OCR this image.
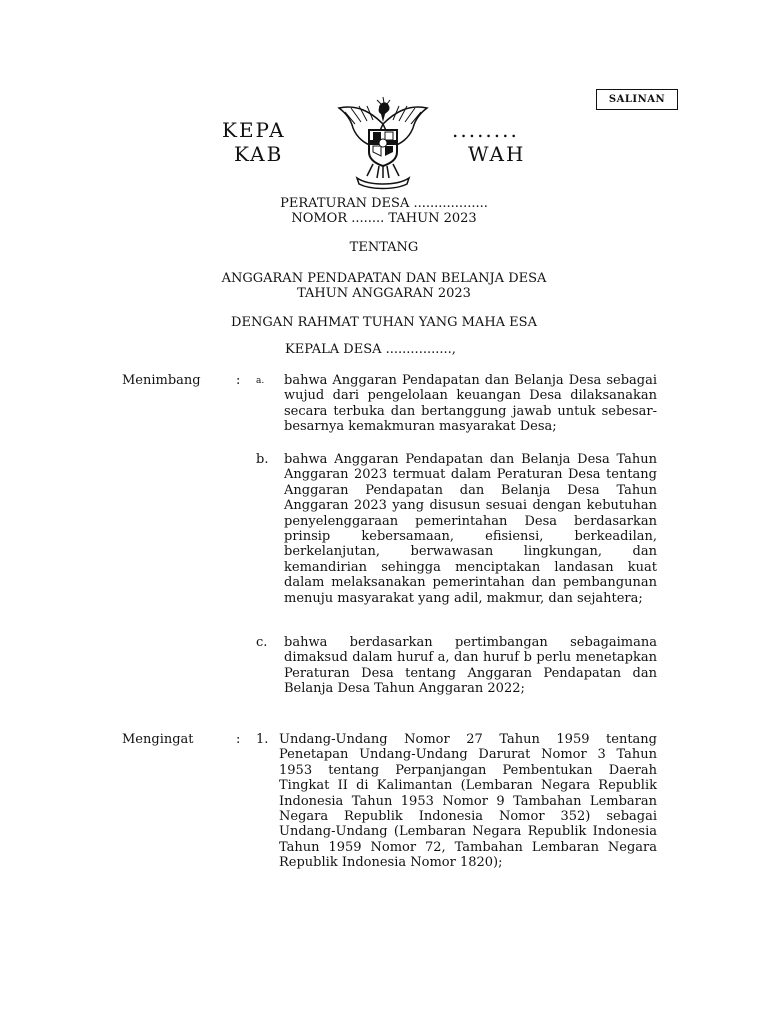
SALINAN
KEPA	........
KAB	WAH
PERATURAN DESA ..................
NOMOR ........ TAHUN 2023
TENTANG
ANGGARAN PENDAPATAN DAN BELANJA DESA
TAHUN ANGGARAN 2023
DENGAN RAHMAT TUHAN YANG MAHA ESA
KEPALA DESA ................,
Menimbang	: a. bahwa Anggaran Pendapatan dan Belanja Desa sebagai wujud dari pengelolaan keuangan Desa dilaksanakan secara terbuka dan bertanggung jawab untuk sebesar-besarnya kemakmuran masyarakat Desa;
b. bahwa Anggaran Pendapatan dan Belanja Desa Tahun Anggaran 2023 termuat dalam Peraturan Desa tentang Anggaran Pendapatan dan Belanja Desa Tahun Anggaran 2023 yang disusun sesuai dengan kebutuhan penyelenggaraan pemerintahan Desa berdasarkan prinsip kebersamaan, efisiensi, berkeadilan, berkelanjutan, berwawasan lingkungan, dan kemandirian sehingga menciptakan landasan kuat dalam melaksanakan pemerintahan dan pembangunan menuju masyarakat yang adil, makmur, dan sejahtera;
c. bahwa berdasarkan pertimbangan sebagaimana dimaksud dalam huruf a, dan huruf b perlu menetapkan Peraturan Desa tentang Anggaran Pendapatan dan Belanja Desa Tahun Anggaran 2022;
Mengingat	: 1. Undang-Undang Nomor 27 Tahun 1959 tentang Penetapan Undang-Undang Darurat Nomor 3 Tahun 1953 tentang Perpanjangan Pembentukan Daerah Tingkat II di Kalimantan (Lembaran Negara Republik Indonesia Tahun 1953 Nomor 9 Tambahan Lembaran Negara Republik Indonesia Nomor 352) sebagai Undang-Undang (Lembaran Negara Republik Indonesia Tahun 1959 Nomor 72, Tambahan Lembaran Negara Republik Indonesia Nomor 1820);
